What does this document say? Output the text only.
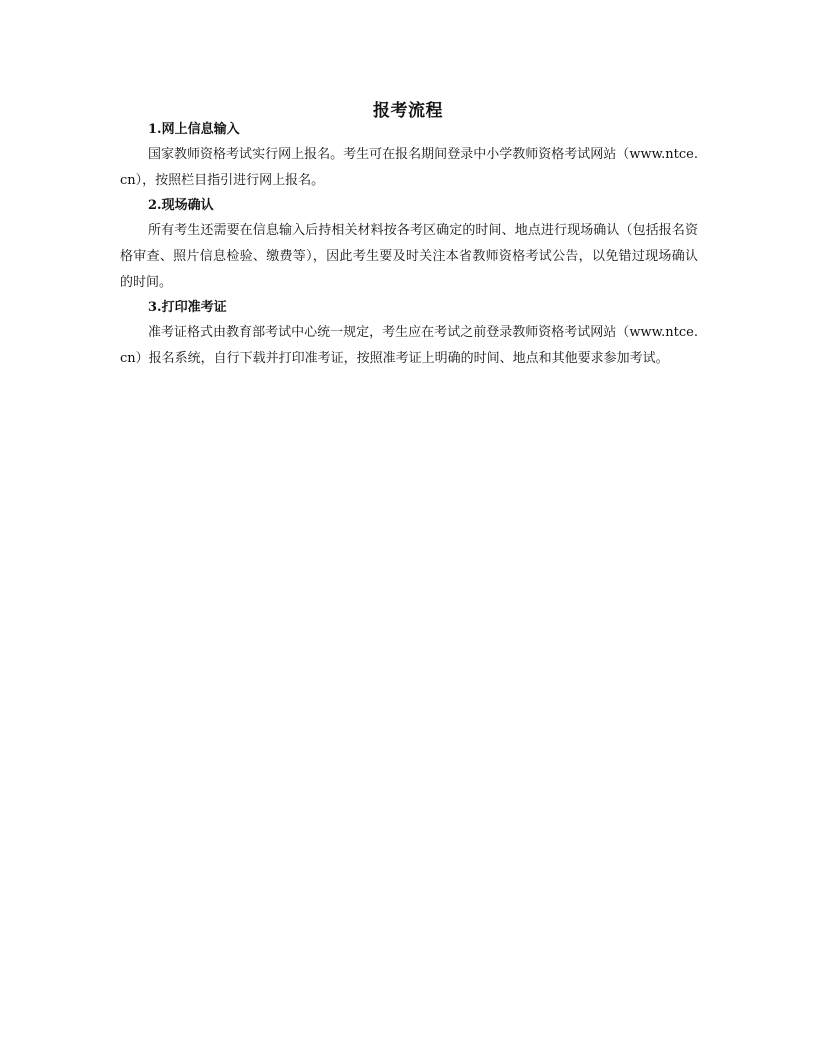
报考流程

1.网上信息输入

国家教师资格考试实行网上报名。考生可在报名期间登录中小学教师资格考试网站（www.ntce.cn），按照栏目指引进行网上报名。

2.现场确认

所有考生还需要在信息输入后持相关材料按各考区确定的时间、地点进行现场确认（包括报名资格审查、照片信息检验、缴费等），因此考生要及时关注本省教师资格考试公告，以免错过现场确认的时间。

3.打印准考证

准考证格式由教育部考试中心统一规定，考生应在考试之前登录教师资格考试网站（www.ntce.cn）报名系统，自行下载并打印准考证，按照准考证上明确的时间、地点和其他要求参加考试。
